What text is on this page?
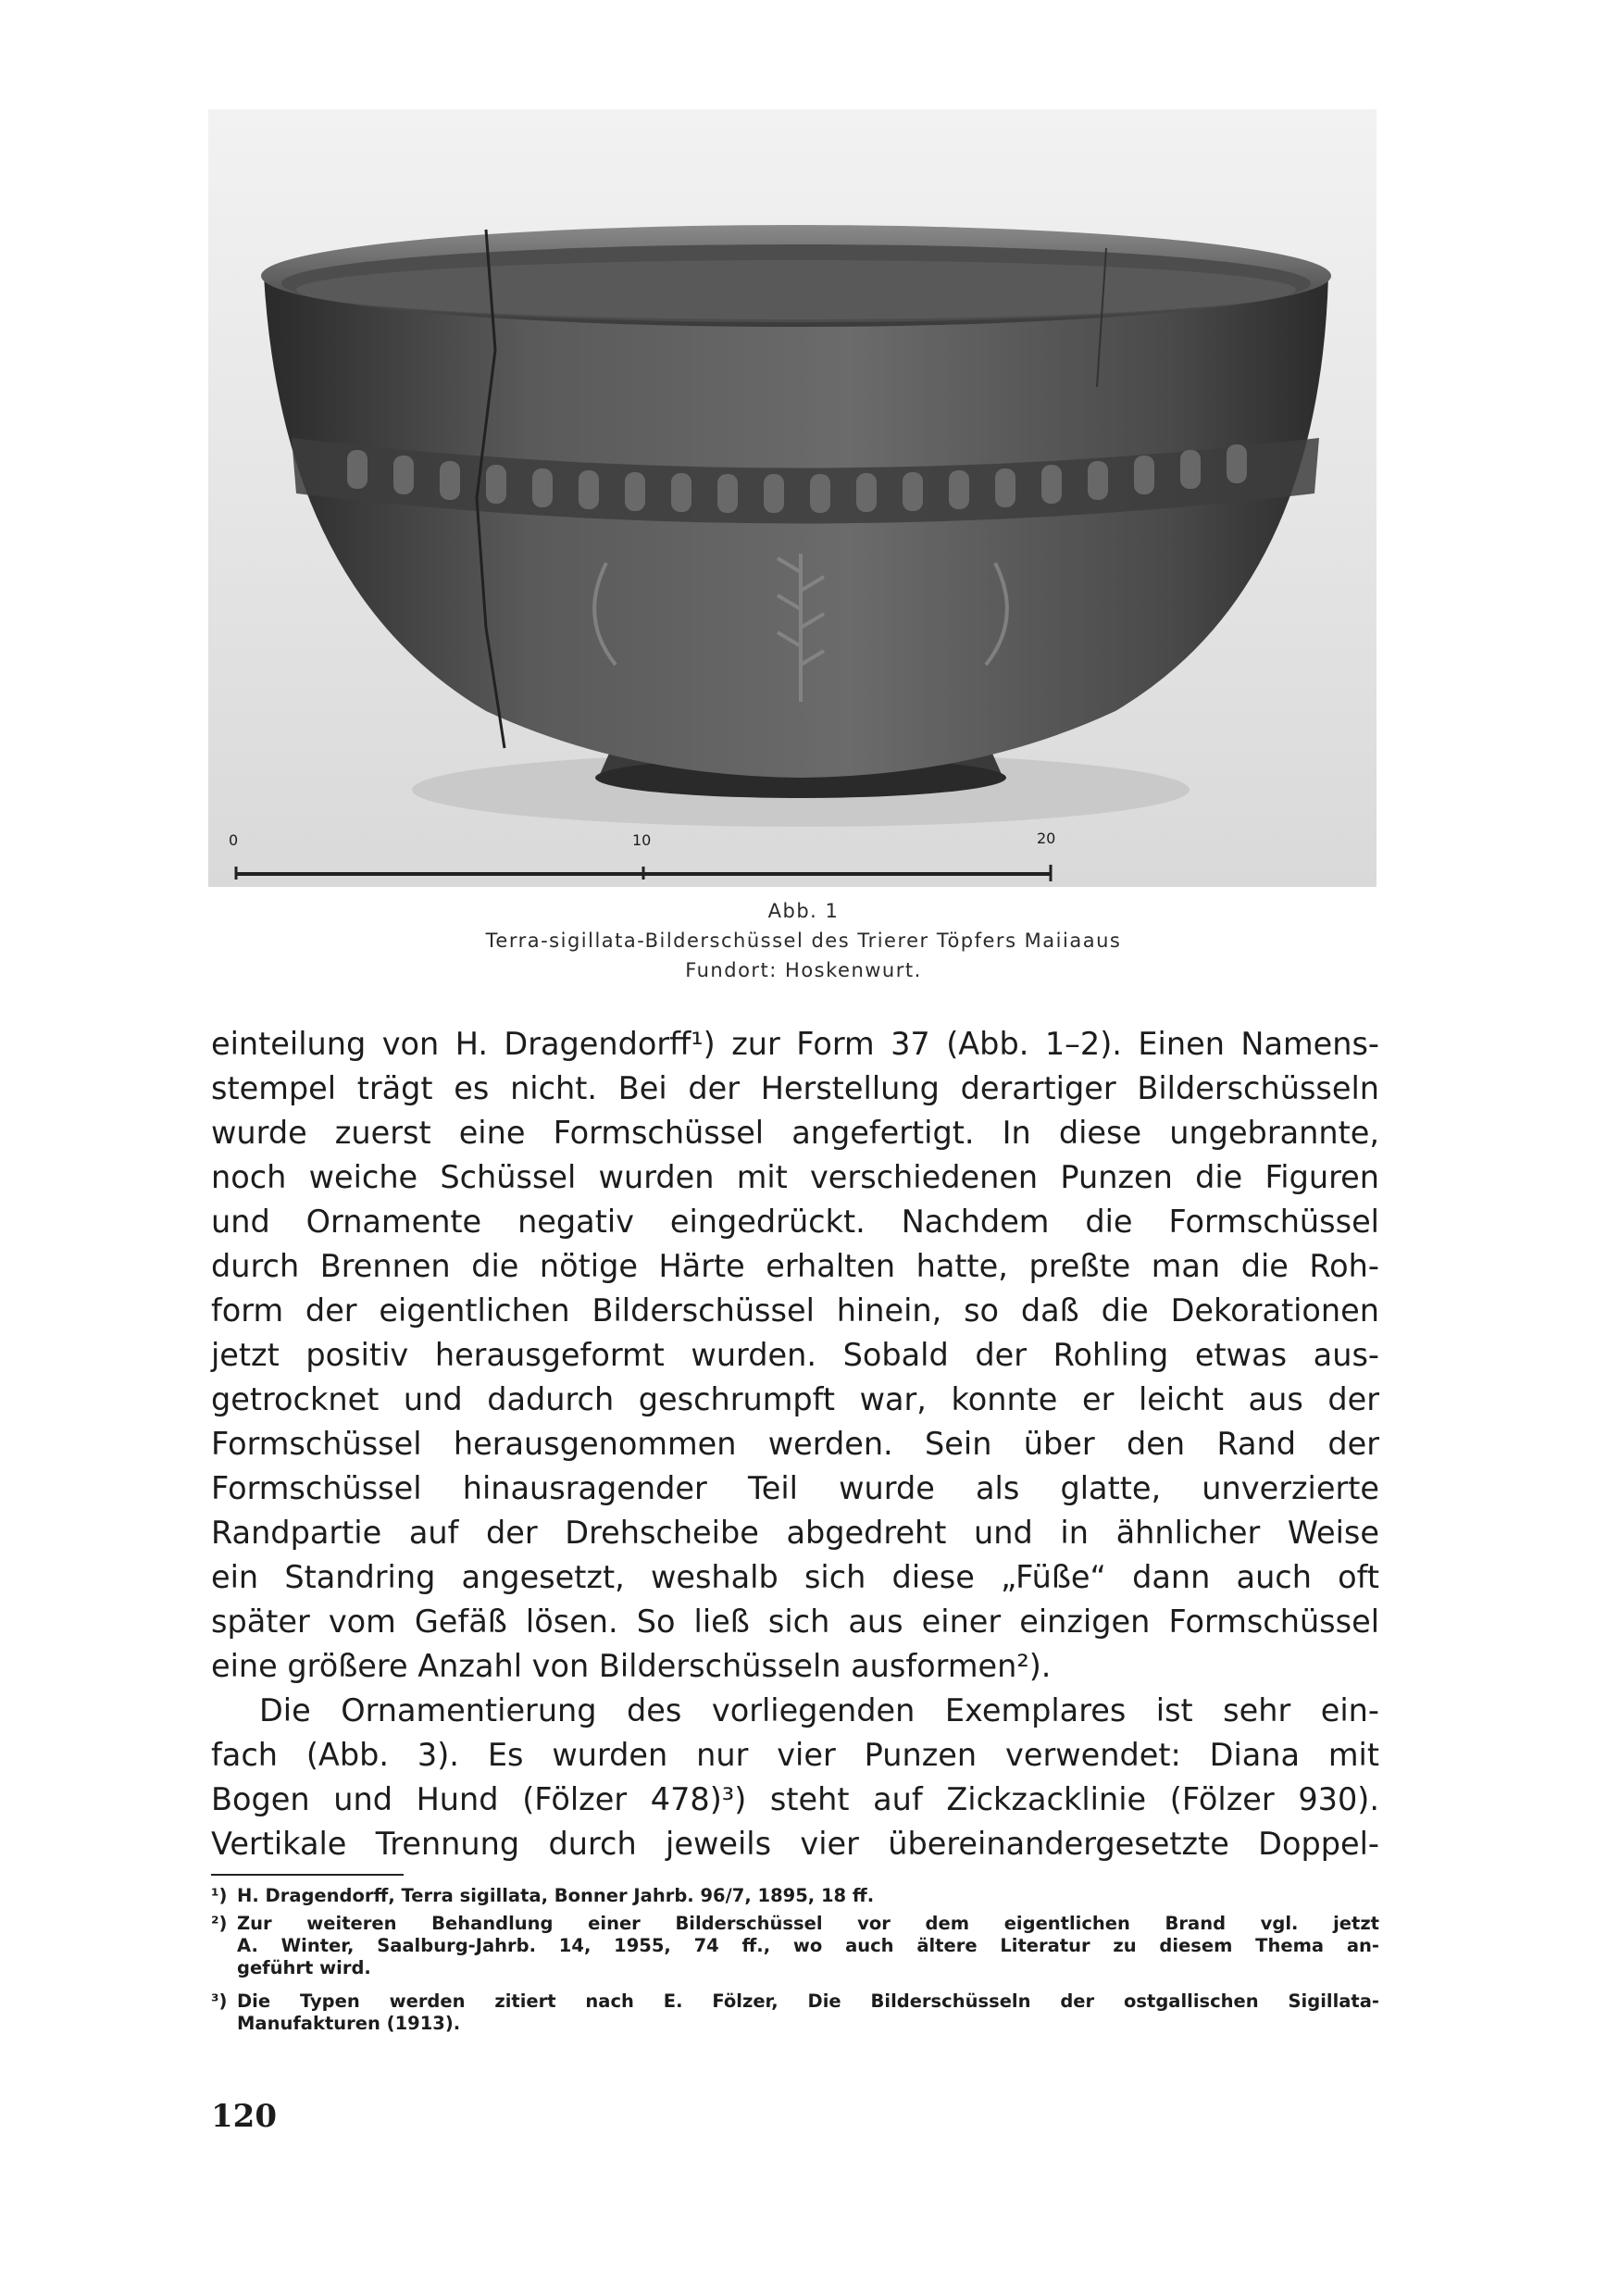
0	10	20
Abb. 1
Terra-sigillata-Bilderschüssel des Trierer Töpfers Maiiaaus
Fundort: Hoskenwurt.
einteilung von H. Dragendorff¹) zur Form 37 (Abb. 1–2). Einen Namens-
stempel trägt es nicht. Bei der Herstellung derartiger Bilderschüsseln
wurde zuerst eine Formschüssel angefertigt. In diese ungebrannte,
noch weiche Schüssel wurden mit verschiedenen Punzen die Figuren
und Ornamente negativ eingedrückt. Nachdem die Formschüssel
durch Brennen die nötige Härte erhalten hatte, preßte man die Roh-
form der eigentlichen Bilderschüssel hinein, so daß die Dekorationen
jetzt positiv herausgeformt wurden. Sobald der Rohling etwas aus-
getrocknet und dadurch geschrumpft war, konnte er leicht aus der
Formschüssel herausgenommen werden. Sein über den Rand der
Formschüssel hinausragender Teil wurde als glatte, unverzierte
Randpartie auf der Drehscheibe abgedreht und in ähnlicher Weise
ein Standring angesetzt, weshalb sich diese „Füße“ dann auch oft
später vom Gefäß lösen. So ließ sich aus einer einzigen Formschüssel
eine größere Anzahl von Bilderschüsseln ausformen²).
Die Ornamentierung des vorliegenden Exemplares ist sehr ein-
fach (Abb. 3). Es wurden nur vier Punzen verwendet: Diana mit
Bogen und Hund (Fölzer 478)³) steht auf Zickzacklinie (Fölzer 930).
Vertikale Trennung durch jeweils vier übereinandergesetzte Doppel-
¹) H. Dragendorff, Terra sigillata, Bonner Jahrb. 96/7, 1895, 18 ff.
²) Zur weiteren Behandlung einer Bilderschüssel vor dem eigentlichen Brand vgl. jetzt
A. Winter, Saalburg-Jahrb. 14, 1955, 74 ff., wo auch ältere Literatur zu diesem Thema an-
geführt wird.
³) Die Typen werden zitiert nach E. Fölzer, Die Bilderschüsseln der ostgallischen Sigillata-
Manufakturen (1913).
120
